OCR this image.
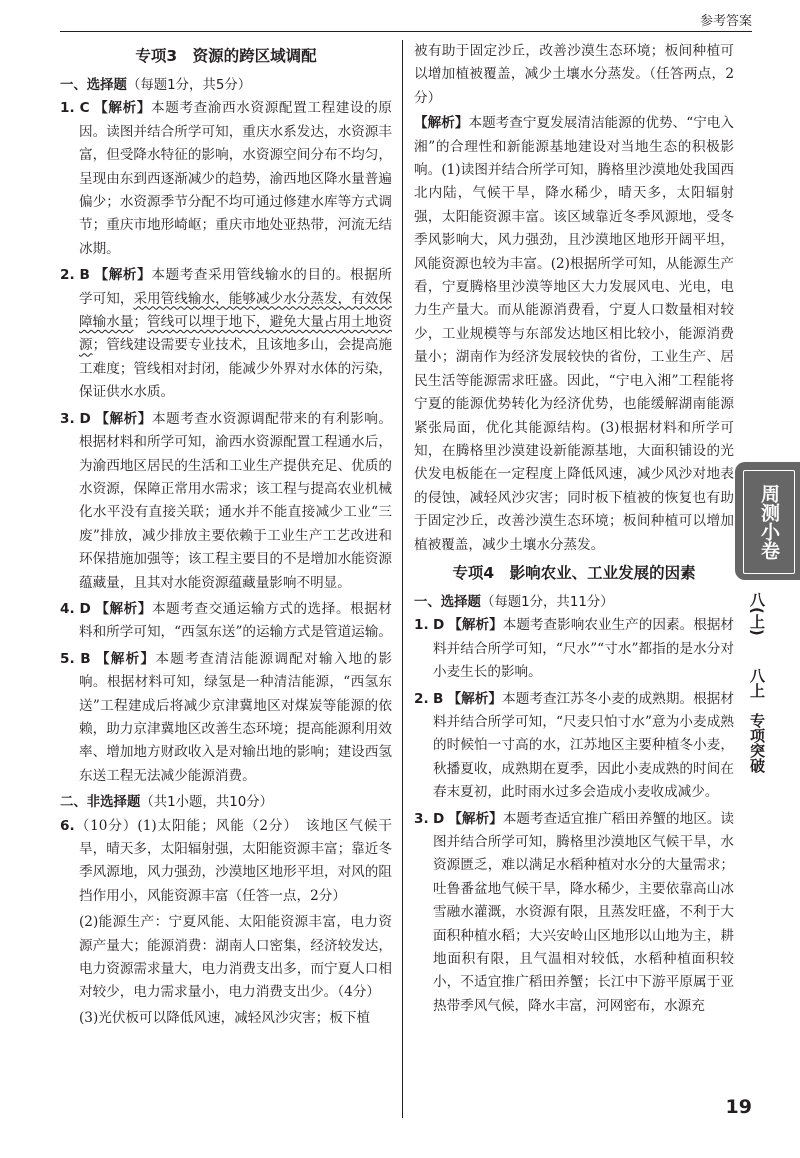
参考答案
专项3　资源的跨区域调配

一、选择题（每题1分，共5分）

1. C 【解析】本题考查渝西水资源配置工程建设的原因。读图并结合所学可知，重庆水系发达，水资源丰富，但受降水特征的影响，水资源空间分布不均匀，呈现由东到西逐渐减少的趋势，渝西地区降水量普遍偏少；水资源季节分配不均可通过修建水库等方式调节；重庆市地形崎岖；重庆市地处亚热带，河流无结冰期。

2. B 【解析】本题考查采用管线输水的目的。根据所学可知，采用管线输水，能够减少水分蒸发，有效保障输水量；管线可以埋于地下，避免大量占用土地资源；管线建设需要专业技术，且该地多山，会提高施工难度；管线相对封闭，能减少外界对水体的污染，保证供水水质。

3. D 【解析】本题考查水资源调配带来的有利影响。根据材料和所学可知，渝西水资源配置工程通水后，为渝西地区居民的生活和工业生产提供充足、优质的水资源，保障正常用水需求；该工程与提高农业机械化水平没有直接关联；通水并不能直接减少工业“三废”排放，减少排放主要依赖于工业生产工艺改进和环保措施加强等；该工程主要目的不是增加水能资源蕴藏量，且其对水能资源蕴藏量影响不明显。

4. D 【解析】本题考查交通运输方式的选择。根据材料和所学可知，“西氢东送”的运输方式是管道运输。

5. B 【解析】本题考查清洁能源调配对输入地的影响。根据材料可知，绿氢是一种清洁能源，“西氢东送”工程建成后将减少京津冀地区对煤炭等能源的依赖，助力京津冀地区改善生态环境；提高能源利用效率、增加地方财政收入是对输出地的影响；建设西氢东送工程无法减少能源消费。

二、非选择题（共1小题，共10分）

6.（10分）(1)太阳能；风能（2分）　该地区气候干旱，晴天多，太阳辐射强，太阳能资源丰富；靠近冬季风源地，风力强劲，沙漠地区地形平坦，对风的阻挡作用小，风能资源丰富（任答一点，2分）

(2)能源生产：宁夏风能、太阳能资源丰富，电力资源产量大；能源消费：湖南人口密集，经济较发达，电力资源需求量大，电力消费支出多，而宁夏人口相对较少，电力需求量小，电力消费支出少。（4分）

(3)光伏板可以降低风速，减轻风沙灾害；板下植

被有助于固定沙丘，改善沙漠生态环境；板间种植可以增加植被覆盖，减少土壤水分蒸发。（任答两点，2分）

【解析】本题考查宁夏发展清洁能源的优势、“宁电入湘”的合理性和新能源基地建设对当地生态的积极影响。(1)读图并结合所学可知，腾格里沙漠地处我国西北内陆，气候干旱，降水稀少，晴天多，太阳辐射强，太阳能资源丰富。该区域靠近冬季风源地，受冬季风影响大，风力强劲，且沙漠地区地形开阔平坦，风能资源也较为丰富。(2)根据所学可知，从能源生产看，宁夏腾格里沙漠等地区大力发展风电、光电，电力生产量大。而从能源消费看，宁夏人口数量相对较少，工业规模等与东部发达地区相比较小，能源消费量小；湖南作为经济发展较快的省份，工业生产、居民生活等能源需求旺盛。因此，“宁电入湘”工程能将宁夏的能源优势转化为经济优势，也能缓解湖南能源紧张局面，优化其能源结构。(3)根据材料和所学可知，在腾格里沙漠建设新能源基地，大面积铺设的光伏发电板能在一定程度上降低风速，减少风沙对地表的侵蚀，减轻风沙灾害；同时板下植被的恢复也有助于固定沙丘，改善沙漠生态环境；板间种植可以增加植被覆盖，减少土壤水分蒸发。

专项4　影响农业、工业发展的因素

一、选择题（每题1分，共11分）

1. D 【解析】本题考查影响农业生产的因素。根据材料并结合所学可知，“尺水”“寸水”都指的是水分对小麦生长的影响。

2. B 【解析】本题考查江苏冬小麦的成熟期。根据材料并结合所学可知，“尺麦只怕寸水”意为小麦成熟的时候怕一寸高的水，江苏地区主要种植冬小麦，秋播夏收，成熟期在夏季，因此小麦成熟的时间在春末夏初，此时雨水过多会造成小麦收成减少。

3. D 【解析】本题考查适宜推广稻田养蟹的地区。读图并结合所学可知，腾格里沙漠地区气候干旱，水资源匮乏，难以满足水稻种植对水分的大量需求；吐鲁番盆地气候干旱，降水稀少，主要依靠高山冰雪融水灌溉，水资源有限，且蒸发旺盛，不利于大面积种植水稻；大兴安岭山区地形以山地为主，耕地面积有限，且气温相对较低，水稻种植面积较小，不适宜推广稻田养蟹；长江中下游平原属于亚热带季风气候，降水丰富，河网密布，水源充

周测小卷
八(上)
八上　专项突破
19
